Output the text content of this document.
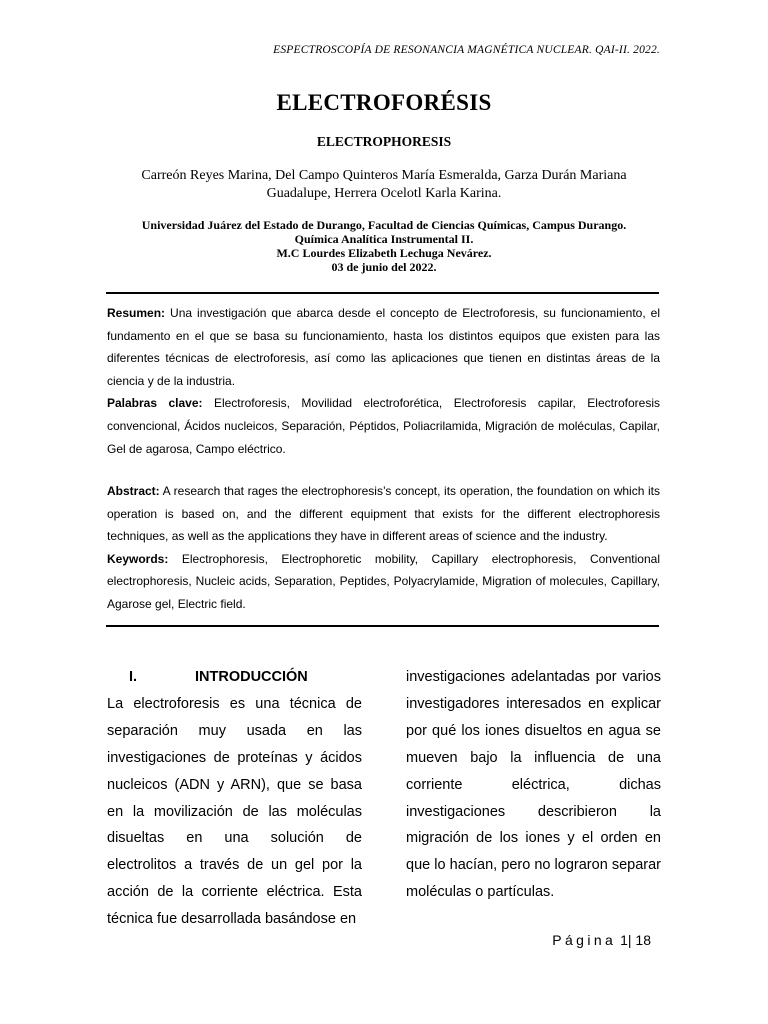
ESPECTROSCOPÍA DE RESONANCIA MAGNÉTICA NUCLEAR. QAI-II. 2022.
ELECTROFORÉSIS
ELECTROPHORESIS
Carreón Reyes Marina, Del Campo Quinteros María Esmeralda, Garza Durán Mariana Guadalupe, Herrera Ocelotl Karla Karina.
Universidad Juárez del Estado de Durango, Facultad de Ciencias Químicas, Campus Durango.
Química Analítica Instrumental II.
M.C Lourdes Elizabeth Lechuga Nevárez.
03 de junio del 2022.
Resumen: Una investigación que abarca desde el concepto de Electroforesis, su funcionamiento, el fundamento en el que se basa su funcionamiento, hasta los distintos equipos que existen para las diferentes técnicas de electroforesis, así como las aplicaciones que tienen en distintas áreas de la ciencia y de la industria.
Palabras clave: Electroforesis, Movilidad electroforética, Electroforesis capilar, Electroforesis convencional, Ácidos nucleicos, Separación, Péptidos, Poliacrilamida, Migración de moléculas, Capilar, Gel de agarosa, Campo eléctrico.
Abstract: A research that rages the electrophoresis’s concept, its operation, the foundation on which its operation is based on, and the different equipment that exists for the different electrophoresis techniques, as well as the applications they have in different areas of science and the industry.
Keywords: Electrophoresis, Electrophoretic mobility, Capillary electrophoresis, Conventional electrophoresis, Nucleic acids, Separation, Peptides, Polyacrylamide, Migration of molecules, Capillary, Agarose gel, Electric field.
I.	INTRODUCCIÓN
La electroforesis es una técnica de separación muy usada en las investigaciones de proteínas y ácidos nucleicos (ADN y ARN), que se basa en la movilización de las moléculas disueltas en una solución de electrolitos a través de un gel por la acción de la corriente eléctrica. Esta técnica fue desarrollada basándose en
investigaciones adelantadas por varios investigadores interesados en explicar por qué los iones disueltos en agua se mueven bajo la influencia de una corriente eléctrica, dichas investigaciones describieron la migración de los iones y el orden en que lo hacían, pero no lograron separar moléculas o partículas.
Página 1| 18
